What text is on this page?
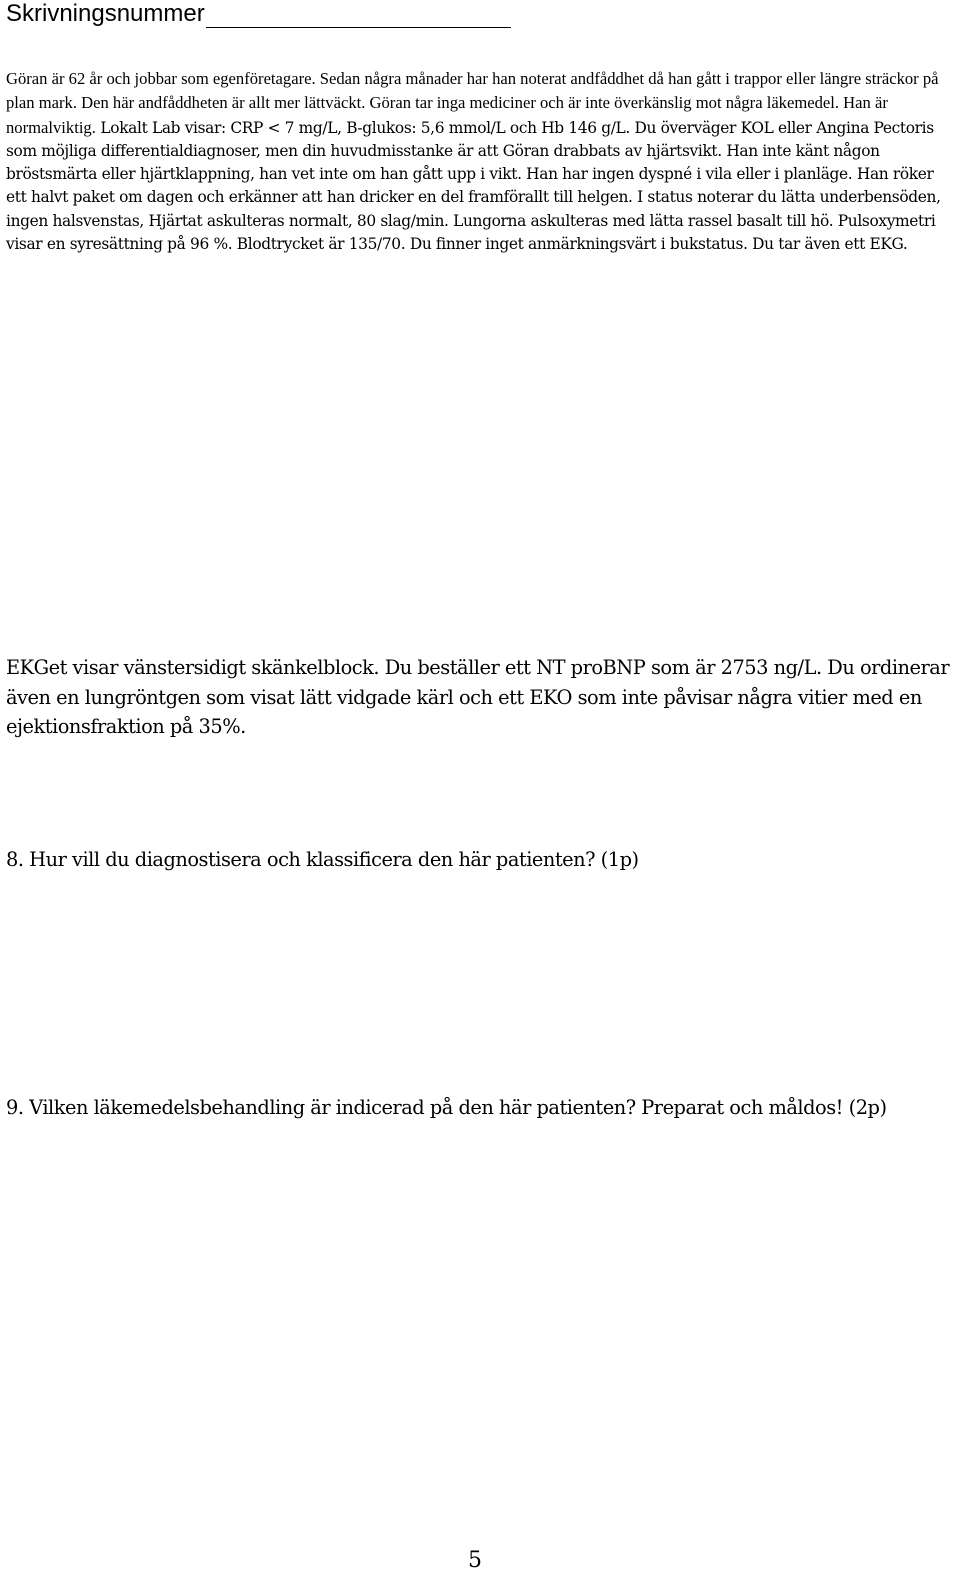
Skrivningsnummer
Göran är 62 år och jobbar som egenföretagare. Sedan några månader har han noterat andfåddhet då han gått i trappor eller längre sträckor på plan mark. Den här andfåddheten är allt mer lättväckt. Göran tar inga mediciner och är inte överkänslig mot några läkemedel. Han är normalviktig. Lokalt Lab visar: CRP < 7 mg/L, B-glukos: 5,6 mmol/L och Hb 146 g/L. Du överväger KOL eller Angina Pectoris som möjliga differentialdiagnoser, men din huvudmisstanke är att Göran drabbats av hjärtsvikt. Han inte känt någon bröstsmärta eller hjärtklappning, han vet inte om han gått upp i vikt. Han har ingen dyspné i vila eller i planläge. Han röker ett halvt paket om dagen och erkänner att han dricker en del framförallt till helgen. I status noterar du lätta underbensöden, ingen halsvenstas, Hjärtat askulteras normalt, 80 slag/min. Lungorna askulteras med lätta rassel basalt till hö. Pulsoxymetri visar en syresättning på 96 %. Blodtrycket är 135/70. Du finner inget anmärkningsvärt i bukstatus. Du tar även ett EKG.
EKGet visar vänstersidigt skänkelblock. Du beställer ett NT proBNP som är 2753 ng/L. Du ordinerar även en lungröntgen som visat lätt vidgade kärl och ett EKO som inte påvisar några vitier med en ejektionsfraktion på 35%.
8. Hur vill du diagnostisera och klassificera den här patienten? (1p)
9. Vilken läkemedelsbehandling är indicerad på den här patienten? Preparat och måldos! (2p)
5
